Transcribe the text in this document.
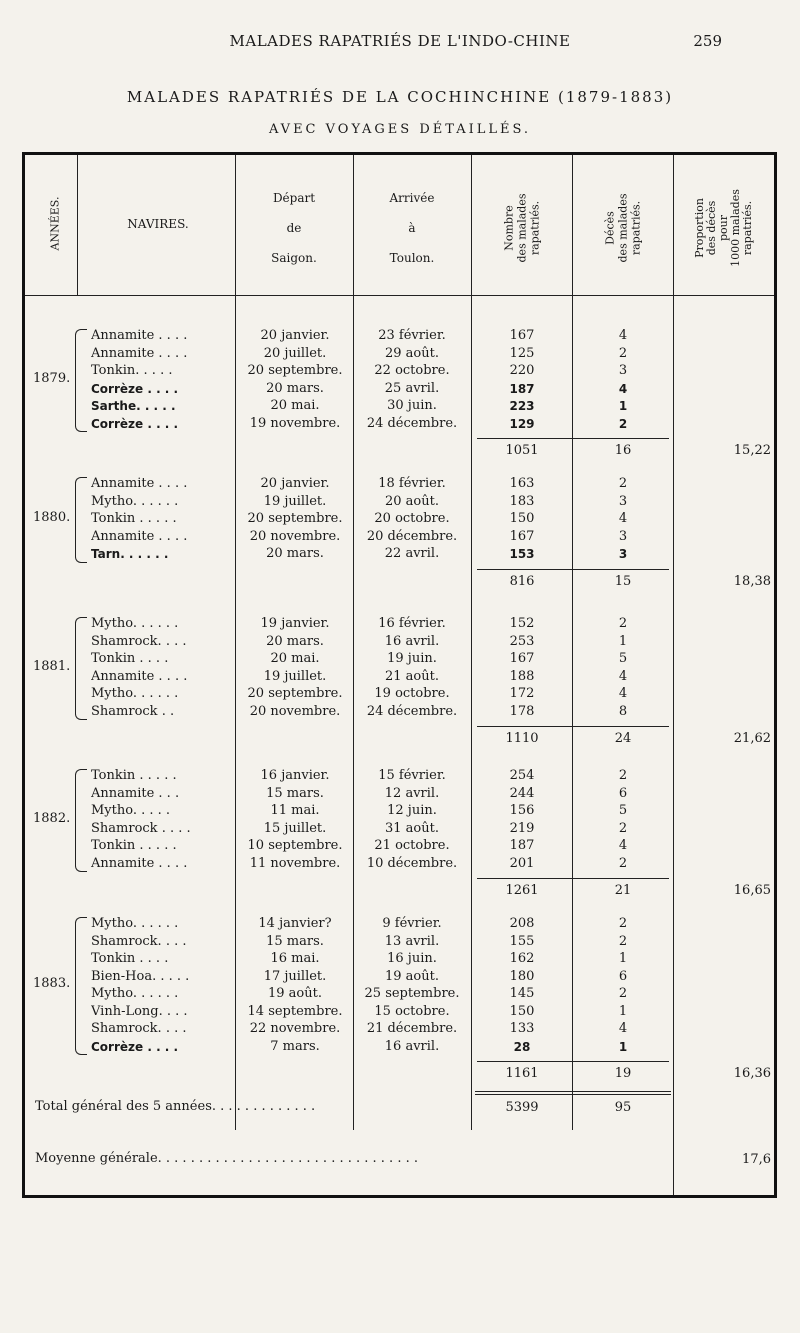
MALADES RAPATRIÉS DE L'INDO-CHINE	259
MALADES RAPATRIÉS DE LA COCHINCHINE (1879-1883)
AVEC VOYAGES DÉTAILLÉS.
ANNÉES.	NAVIRES.
Départ
de
Saigon.
Arrivée
à
Toulon.
Nombre des malades rapatriés.	Décès des malades rapatriés.	Proportion des décès pour 1000 malades rapatriés.
1879.
Annamite . . . .	20 janvier.	23 février.	167	4
Annamite . . . .	20 juillet.	29 août.	125	2
Tonkin. . . . .	20 septembre.	22 octobre.	220	3
Corrèze . . . .	20 mars.	25 avril.	187	4
Sarthe. . . . .	20 mai.	30 juin.	223	1
Corrèze . . . .	19 novembre.	24 décembre.	129	2
1051	16	15,22
1880.
Annamite . . . .	20 janvier.	18 février.	163	2
Mytho. . . . . .	19 juillet.	20 août.	183	3
Tonkin . . . . .	20 septembre.	20 octobre.	150	4
Annamite . . . .	20 novembre.	20 décembre.	167	3
Tarn. . . . . .	20 mars.	22 avril.	153	3
816	15	18,38
1881.
Mytho. . . . . .	19 janvier.	16 février.	152	2
Shamrock. . . .	20 mars.	16 avril.	253	1
Tonkin . . . .	20 mai.	19 juin.	167	5
Annamite . . . .	19 juillet.	21 août.	188	4
Mytho. . . . . .	20 septembre.	19 octobre.	172	4
Shamrock . .	20 novembre.	24 décembre.	178	8
1110	24	21,62
1882.
Tonkin . . . . .	16 janvier.	15 février.	254	2
Annamite . . .	15 mars.	12 avril.	244	6
Mytho. . . . .	11 mai.	12 juin.	156	5
Shamrock . . . .	15 juillet.	31 août.	219	2
Tonkin . . . . .	10 septembre.	21 octobre.	187	4
Annamite . . . .	11 novembre.	10 décembre.	201	2
1261	21	16,65
1883.
Mytho. . . . . .	14 janvier?	9 février.	208	2
Shamrock. . . .	15 mars.	13 avril.	155	2
Tonkin . . . .	16 mai.	16 juin.	162	1
Bien-Hoa. . . . .	17 juillet.	19 août.	180	6
Mytho. . . . . .	19 août.	25 septembre.	145	2
Vinh-Long. . . .	14 septembre.	15 octobre.	150	1
Shamrock. . . .	22 novembre.	21 décembre.	133	4
Corrèze . . . .	7 mars.	16 avril.	28	1
1161	19	16,36
Total général des 5 années. . . . . . . . . . . . .	5399	95
Moyenne générale. . . . . . . . . . . . . . . . . . . . . . . . . . . . . . . .	17,6
